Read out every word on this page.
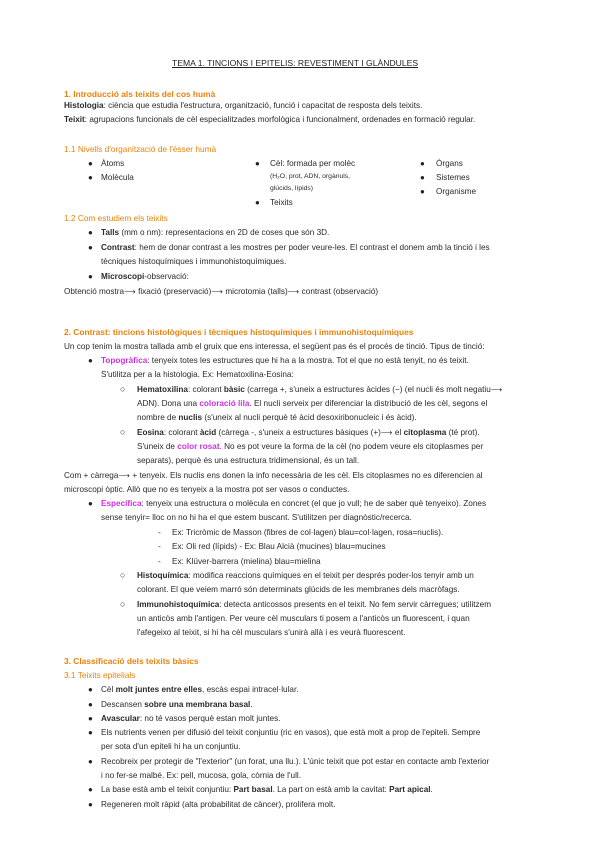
TEMA 1. TINCIONS I EPITELIS: REVESTIMENT I GLÀNDULES
1. Introducció als teixits del cos humà
Histologia: ciència que estudia l'estructura, organització, funció i capacitat de resposta dels teixits.
Teixit: agrupacions funcionals de cèl especialitzades morfològica i funcionalment, ordenades en formació regular.
1.1 Nivells d'organització de l'ésser humà
● Àtoms
● Molècula
● Cèl: formada per molèc
(H₂O, prot, ADN, orgànuls,
glúcids, lípids)
● Teixits
● Òrgans
● Sistemes
● Organisme
1.2 Com estudiem els teixits
● Talls (mm o nm): representacions en 2D de coses que són 3D.
● Contrast: hem de donar contrast a les mostres per poder veure-les. El contrast el donem amb la tinció i les
tècniques histoquímiques i immunohistoquímiques.
● Microscopi-observació:
Obtenció mostra⟶ fixació (preservació)⟶ microtomia (talls)⟶ contrast (observació)
2. Contrast: tincions histològiques i tècniques histoquímiques i immunohistoquímiques
Un cop tenim la mostra tallada amb el gruix que ens interessa, el següent pas és el procés de tinció. Tipus de tinció:
● Topogràfica: tenyeix totes les estructures que hi ha a la mostra. Tot el que no està tenyit, no és teixit.
S'utilitza per a la histologia. Ex: Hematoxilina-Eosina:
○ Hematoxilina: colorant bàsic (carrega +, s'uneix a estructures àcides (−) (el nucli és molt negatiu⟶
ADN). Dona una coloració lila. El nucli serveix per diferenciar la distribució de les cèl, segons el
nombre de nuclis (s'uneix al nucli perquè té àcid desoxiribonucleic i és àcid).
○ Eosina: colorant àcid (càrrega -, s'uneix a estructures bàsiques (+)⟶ el citoplasma (té prot).
S'uneix de color rosat. No es pot veure la forma de la cèl (no podem veure els citoplasmes per
separats), perquè és una estructura tridimensional, és un tall.
Com + càrrega⟶ + tenyeix. Els nuclis ens donen la info necessària de les cèl. Els citoplasmes no es diferencien al
microscopi òptic. Allò que no es tenyeix a la mostra pot ser vasos o conductes.
● Específica: tenyeix una estructura o molècula en concret (el que jo vull; he de saber què tenyeixo). Zones
sense tenyir= lloc on no hi ha el que estem buscant. S'utilitzen per diagnòstic/recerca.
- Ex: Tricròmic de Masson (fibres de col·lagen) blau=col·lagen, rosa=nuclis).
- Ex: Oli red (lípids) - Ex: Blau Alcià (mucines) blau=mucines
- Ex: Klüver-barrera (mielina) blau=mielina
○ Histoquímica: modifica reaccions químiques en el teixit per després poder-los tenyir amb un
colorant. El que veiem marró són determinats glúcids de les membranes dels macròfags.
○ Immunohistoquímica: detecta anticossos presents en el teixit. No fem servir càrregues; utilitzem
un anticòs amb l'antigen. Per veure cèl musculars ti posem a l'anticòs un fluorescent, i quan
l'afegeixo al teixit, si hi ha cèl musculars s'unirà allà i es veurà fluorescent.
3. Classificació dels teixits bàsics
3.1 Teixits epitelials
● Cèl molt juntes entre elles, escàs espai intracel·lular.
● Descansen sobre una membrana basal.
● Avascular: no té vasos perquè estan molt juntes.
● Els nutrients venen per difusió del teixit conjuntiu (ric en vasos), que està molt a prop de l'epiteli. Sempre
per sota d'un epiteli hi ha un conjuntiu.
● Recobreix per protegir de "l'exterior" (un forat, una llu.). L'únic teixit que pot estar en contacte amb l'exterior
i no fer-se malbé. Ex: pell, mucosa, gola, còrnia de l'ull.
● La base està amb el teixit conjuntiu: Part basal. La part on està amb la cavitat: Part apical.
● Regeneren molt ràpid (alta probabilitat de càncer), prolifera molt.
